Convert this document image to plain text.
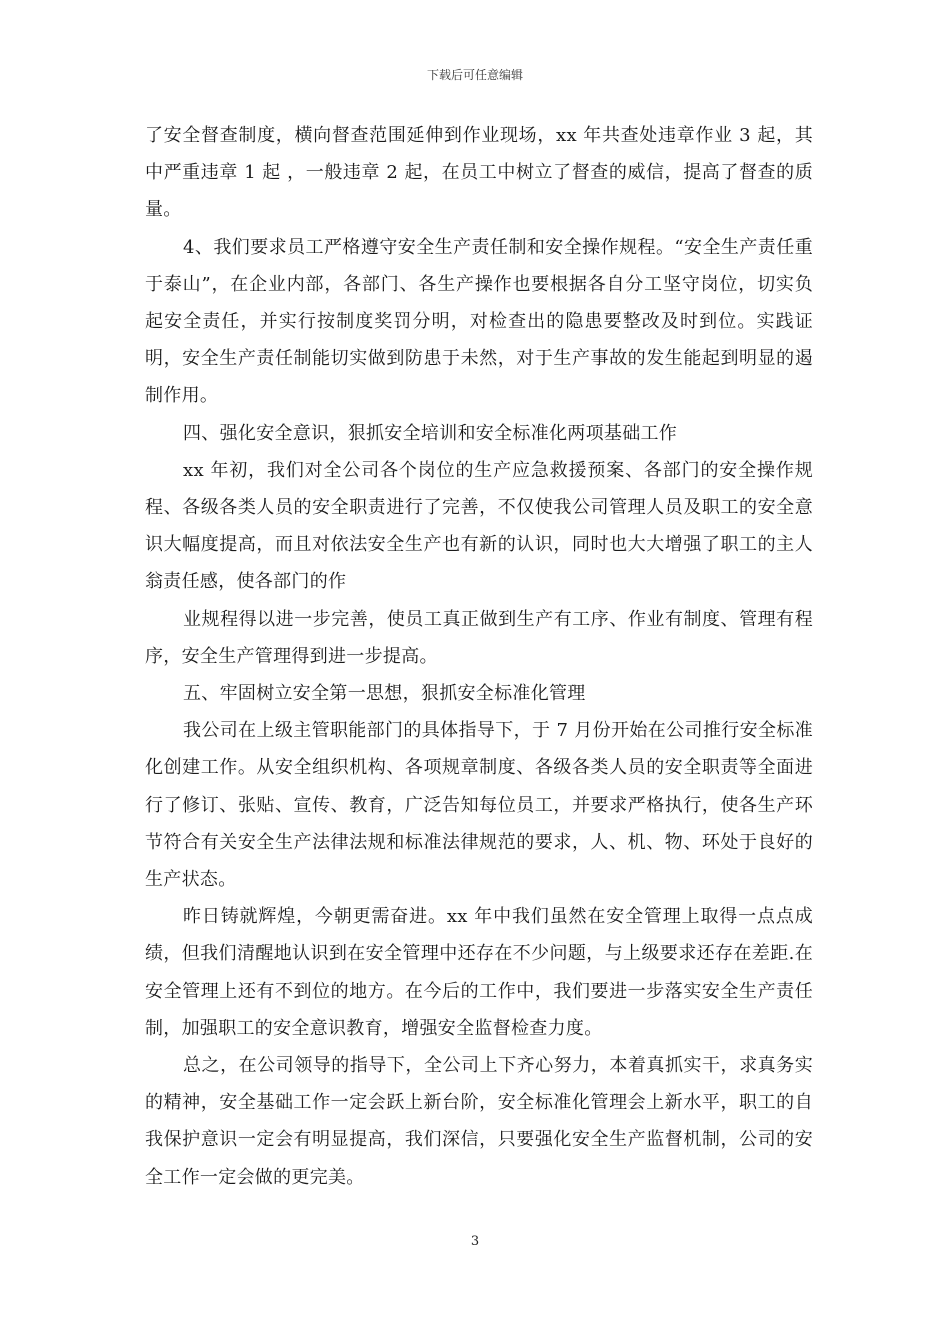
下载后可任意编辑

了安全督查制度，横向督查范围延伸到作业现场，xx 年共查处违章作业 3 起，其中严重违章 1 起 ，一般违章 2 起，在员工中树立了督查的威信，提高了督查的质量。

4、我们要求员工严格遵守安全生产责任制和安全操作规程。“安全生产责任重于泰山”，在企业内部，各部门、各生产操作也要根据各自分工坚守岗位，切实负起安全责任，并实行按制度奖罚分明，对检查出的隐患要整改及时到位。实践证明，安全生产责任制能切实做到防患于未然，对于生产事故的发生能起到明显的遏制作用。

四、强化安全意识，狠抓安全培训和安全标准化两项基础工作

xx 年初，我们对全公司各个岗位的生产应急救援预案、各部门的安全操作规程、各级各类人员的安全职责进行了完善，不仅使我公司管理人员及职工的安全意识大幅度提高，而且对依法安全生产也有新的认识，同时也大大增强了职工的主人翁责任感，使各部门的作

业规程得以进一步完善，使员工真正做到生产有工序、作业有制度、管理有程序，安全生产管理得到进一步提高。

五、牢固树立安全第一思想，狠抓安全标准化管理

我公司在上级主管职能部门的具体指导下，于 7 月份开始在公司推行安全标准化创建工作。从安全组织机构、各项规章制度、各级各类人员的安全职责等全面进行了修订、张贴、宣传、教育，广泛告知每位员工，并要求严格执行，使各生产环节符合有关安全生产法律法规和标准法律规范的要求，人、机、物、环处于良好的生产状态。

昨日铸就辉煌，今朝更需奋进。xx 年中我们虽然在安全管理上取得一点点成绩，但我们清醒地认识到在安全管理中还存在不少问题，与上级要求还存在差距.在安全管理上还有不到位的地方。在今后的工作中，我们要进一步落实安全生产责任制，加强职工的安全意识教育，增强安全监督检查力度。

总之，在公司领导的指导下，全公司上下齐心努力，本着真抓实干，求真务实的精神，安全基础工作一定会跃上新台阶，安全标准化管理会上新水平，职工的自我保护意识一定会有明显提高，我们深信，只要强化安全生产监督机制，公司的安全工作一定会做的更完美。

3
